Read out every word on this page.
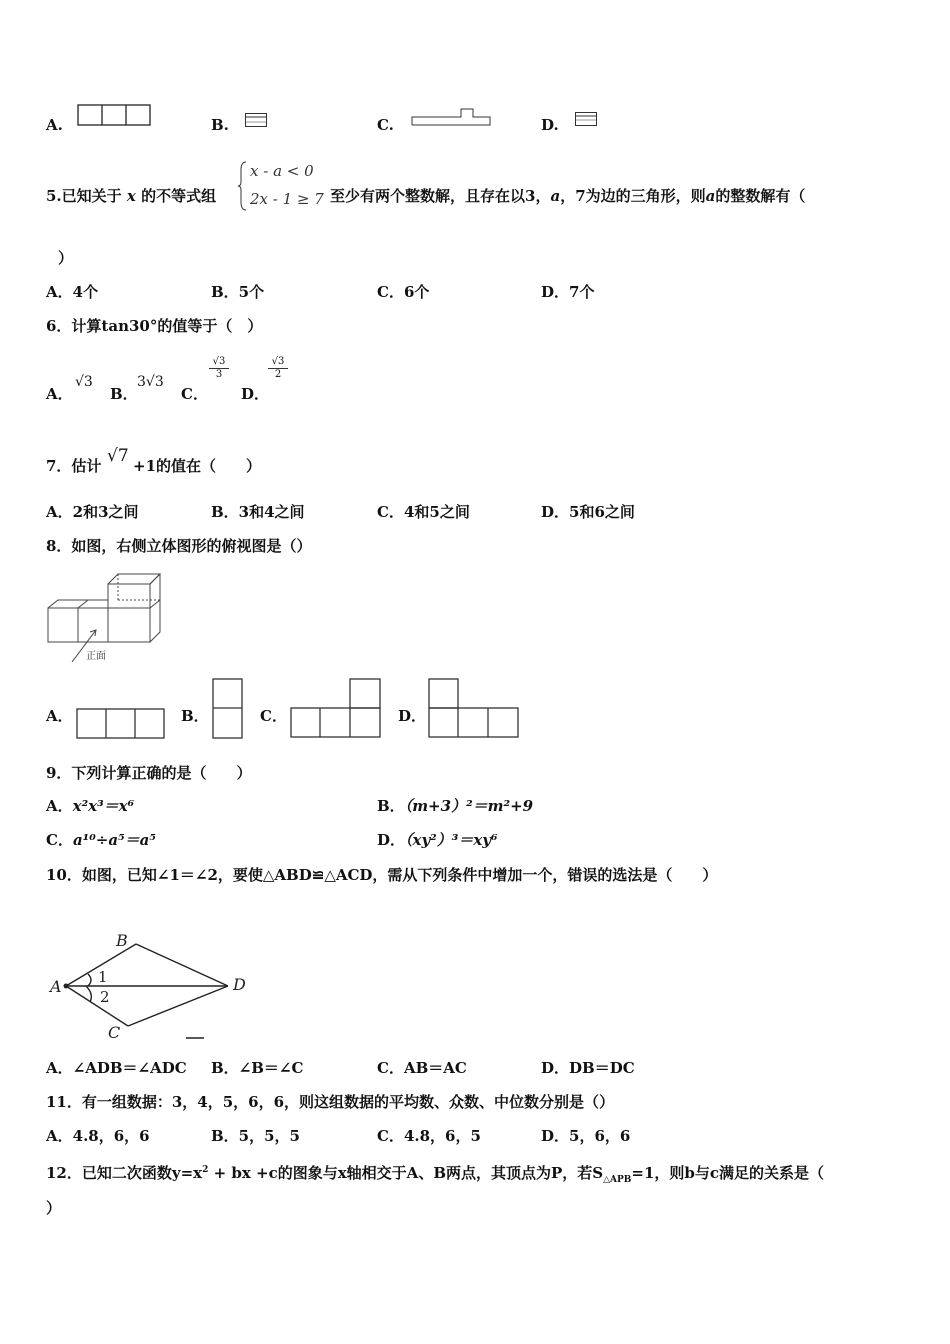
A.	B.	C.	D.
5.已知关于 x 的不等式组
x - a < 0
2x - 1 ≥ 7 至少有两个整数解，且存在以3，a，7为边的三角形，则a的整数解有（
）
A．4个	B．5个	C．6个	D．7个
6．计算tan30°的值等于（　）
A．
√3
B．
3√3
C．
$\frac{√3}{3}$
D．
$\frac{√3}{2}$
7．估计 √7 +1的值在（　　）
A．2和3之间	B．3和4之间	C．4和5之间	D．5和6之间
8．如图，右侧立体图形的俯视图是（）
正面
A．	B．	C．	D．
9．下列计算正确的是（　　）
A．x²x³＝x⁶	B．（m+3）²＝m²+9
C．a¹⁰÷a⁵＝a⁵	D．（xy²）³＝xy⁶
10．如图，已知∠1＝∠2，要使△ABD≌△ACD，需从下列条件中增加一个，错误的选法是（　　）
A
B
C
D
1
2
A．∠ADB＝∠ADC B．∠B＝∠C	C．AB＝AC	D．DB＝DC
11．有一组数据：3，4，5，6，6，则这组数据的平均数、众数、中位数分别是（）
A．4.8，6，6	B．5，5，5	C．4.8，6，5	D．5，6，6
12．已知二次函数$y=x^2$ + bx +c的图象与x轴相交于A、B两点，其顶点为P，若$S_{\triangle APB}=1$，则b与c满足的关系是（
）
